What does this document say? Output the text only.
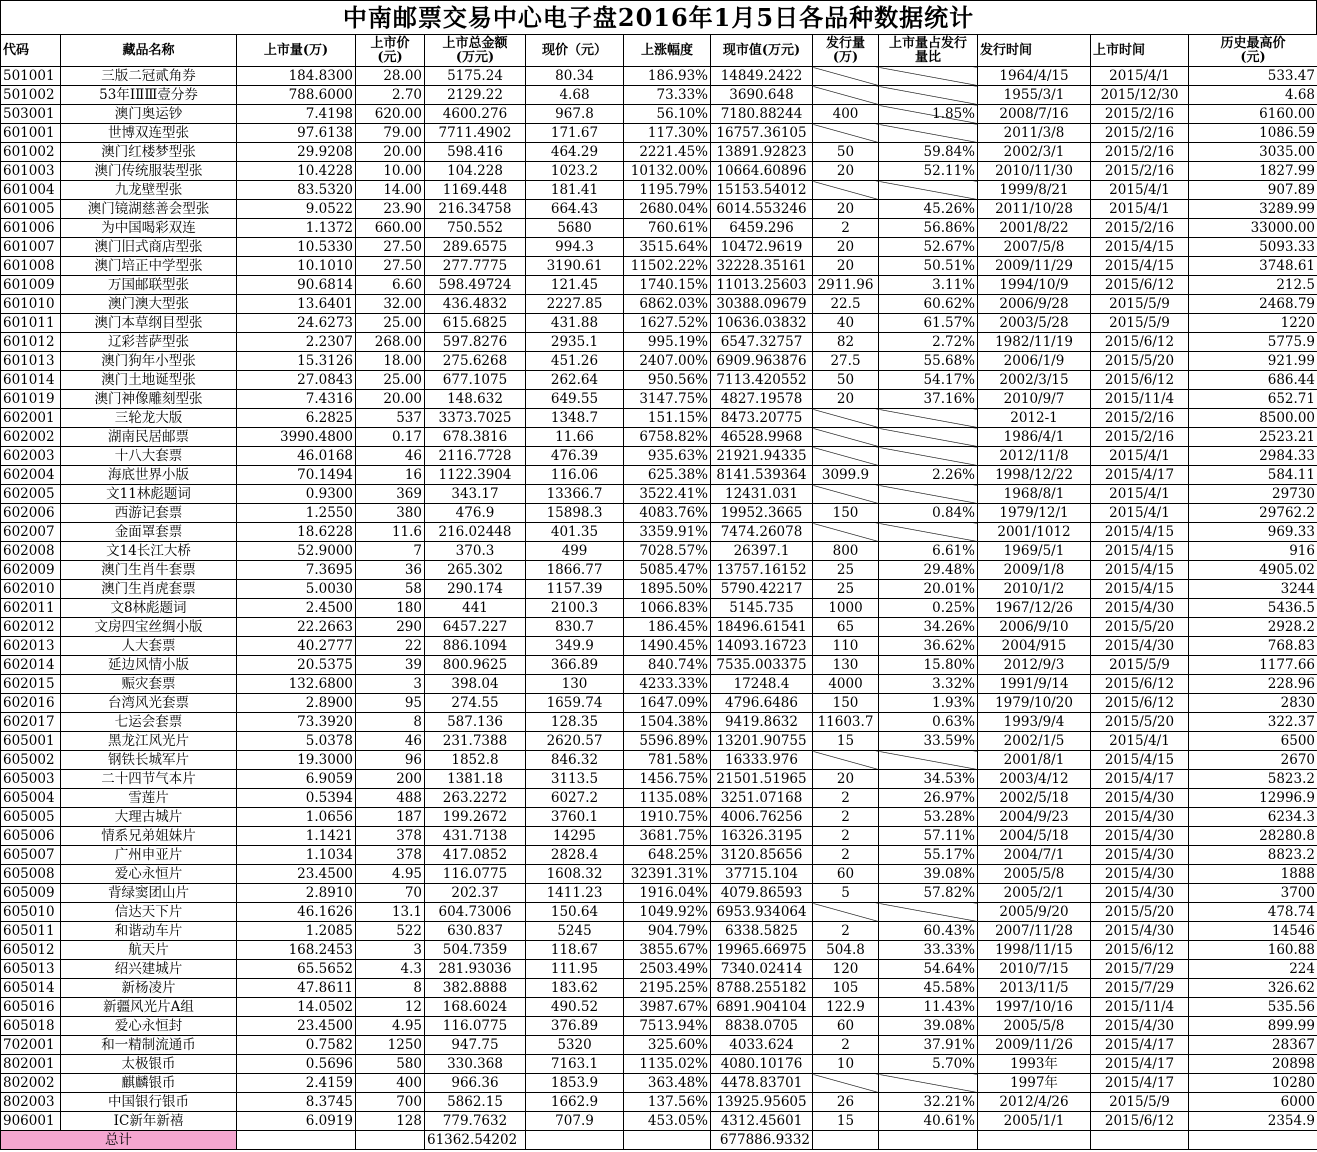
中南邮票交易中心电子盘2016年1月5日各品种数据统计
代码	藏品名称	上市量(万)	上市价
(元)	上市总金额
(万元)	现价（元）	上涨幅度	现市值(万元)	发行量
(万)	上市量占发行
量比	发行时间	上市时间	历史最高价
(元)
501001	三版二冠贰角券	184.8300	28.00	5175.24	80.34	186.93%	14849.2422			1964/4/15	2015/4/1	533.47
501002	53年ⅠⅡⅢ壹分券	788.6000	2.70	2129.22	4.68	73.33%	3690.648			1955/3/1	2015/12/30	4.68
503001	澳门奥运钞	7.4198	620.00	4600.276	967.8	56.10%	7180.88244	400	1.85%	2008/7/16	2015/2/16	6160.00
601001	世博双连型张	97.6138	79.00	7711.4902	171.67	117.30%	16757.36105			2011/3/8	2015/2/16	1086.59
601002	澳门红楼梦型张	29.9208	20.00	598.416	464.29	2221.45%	13891.92823	50	59.84%	2002/3/1	2015/2/16	3035.00
601003	澳门传统服装型张	10.4228	10.00	104.228	1023.2	10132.00%	10664.60896	20	52.11%	2010/11/30	2015/2/16	1827.99
601004	九龙壁型张	83.5320	14.00	1169.448	181.41	1195.79%	15153.54012			1999/8/21	2015/4/1	907.89
601005	澳门镜湖慈善会型张	9.0522	23.90	216.34758	664.43	2680.04%	6014.553246	20	45.26%	2011/10/28	2015/4/1	3289.99
601006	为中国喝彩双连	1.1372	660.00	750.552	5680	760.61%	6459.296	2	56.86%	2001/8/22	2015/2/16	33000.00
601007	澳门旧式商店型张	10.5330	27.50	289.6575	994.3	3515.64%	10472.9619	20	52.67%	2007/5/8	2015/4/15	5093.33
601008	澳门培正中学型张	10.1010	27.50	277.7775	3190.61	11502.22%	32228.35161	20	50.51%	2009/11/29	2015/4/15	3748.61
601009	万国邮联型张	90.6814	6.60	598.49724	121.45	1740.15%	11013.25603	2911.96	3.11%	1994/10/9	2015/6/12	212.5
601010	澳门澳大型张	13.6401	32.00	436.4832	2227.85	6862.03%	30388.09679	22.5	60.62%	2006/9/28	2015/5/9	2468.79
601011	澳门本草纲目型张	24.6273	25.00	615.6825	431.88	1627.52%	10636.03832	40	61.57%	2003/5/28	2015/5/9	1220
601012	辽彩菩萨型张	2.2307	268.00	597.8276	2935.1	995.19%	6547.32757	82	2.72%	1982/11/19	2015/6/12	5775.9
601013	澳门狗年小型张	15.3126	18.00	275.6268	451.26	2407.00%	6909.963876	27.5	55.68%	2006/1/9	2015/5/20	921.99
601014	澳门土地诞型张	27.0843	25.00	677.1075	262.64	950.56%	7113.420552	50	54.17%	2002/3/15	2015/6/12	686.44
601019	澳门神像雕刻型张	7.4316	20.00	148.632	649.55	3147.75%	4827.19578	20	37.16%	2010/9/7	2015/11/4	652.71
602001	三轮龙大版	6.2825	537	3373.7025	1348.7	151.15%	8473.20775			2012-1	2015/2/16	8500.00
602002	湖南民居邮票	3990.4800	0.17	678.3816	11.66	6758.82%	46528.9968			1986/4/1	2015/2/16	2523.21
602003	十八大套票	46.0168	46	2116.7728	476.39	935.63%	21921.94335			2012/11/8	2015/4/1	2984.33
602004	海底世界小版	70.1494	16	1122.3904	116.06	625.38%	8141.539364	3099.9	2.26%	1998/12/22	2015/4/17	584.11
602005	文11林彪题词	0.9300	369	343.17	13366.7	3522.41%	12431.031			1968/8/1	2015/4/1	29730
602006	西游记套票	1.2550	380	476.9	15898.3	4083.76%	19952.3665	150	0.84%	1979/12/1	2015/4/1	29762.2
602007	金面罩套票	18.6228	11.6	216.02448	401.35	3359.91%	7474.26078			2001/1012	2015/4/15	969.33
602008	文14长江大桥	52.9000	7	370.3	499	7028.57%	26397.1	800	6.61%	1969/5/1	2015/4/15	916
602009	澳门生肖牛套票	7.3695	36	265.302	1866.77	5085.47%	13757.16152	25	29.48%	2009/1/8	2015/4/15	4905.02
602010	澳门生肖虎套票	5.0030	58	290.174	1157.39	1895.50%	5790.42217	25	20.01%	2010/1/2	2015/4/15	3244
602011	文8林彪题词	2.4500	180	441	2100.3	1066.83%	5145.735	1000	0.25%	1967/12/26	2015/4/30	5436.5
602012	文房四宝丝绸小版	22.2663	290	6457.227	830.7	186.45%	18496.61541	65	34.26%	2006/9/10	2015/5/20	2928.2
602013	人大套票	40.2777	22	886.1094	349.9	1490.45%	14093.16723	110	36.62%	2004/915	2015/4/30	768.83
602014	延边风情小版	20.5375	39	800.9625	366.89	840.74%	7535.003375	130	15.80%	2012/9/3	2015/5/9	1177.66
602015	赈灾套票	132.6800	3	398.04	130	4233.33%	17248.4	4000	3.32%	1991/9/14	2015/6/12	228.96
602016	台湾风光套票	2.8900	95	274.55	1659.74	1647.09%	4796.6486	150	1.93%	1979/10/20	2015/6/12	2830
602017	七运会套票	73.3920	8	587.136	128.35	1504.38%	9419.8632	11603.7	0.63%	1993/9/4	2015/5/20	322.37
605001	黑龙江风光片	5.0378	46	231.7388	2620.57	5596.89%	13201.90755	15	33.59%	2002/1/5	2015/4/1	6500
605002	钢铁长城军片	19.3000	96	1852.8	846.32	781.58%	16333.976			2001/8/1	2015/4/15	2670
605003	二十四节气本片	6.9059	200	1381.18	3113.5	1456.75%	21501.51965	20	34.53%	2003/4/12	2015/4/17	5823.2
605004	雪莲片	0.5394	488	263.2272	6027.2	1135.08%	3251.07168	2	26.97%	2002/5/18	2015/4/30	12996.9
605005	大理古城片	1.0656	187	199.2672	3760.1	1910.75%	4006.76256	2	53.28%	2004/9/23	2015/4/30	6234.3
605006	情系兄弟姐妹片	1.1421	378	431.7138	14295	3681.75%	16326.3195	2	57.11%	2004/5/18	2015/4/30	28280.8
605007	广州申亚片	1.1034	378	417.0852	2828.4	648.25%	3120.85656	2	55.17%	2004/7/1	2015/4/30	8823.2
605008	爱心永恒片	23.4500	4.95	116.0775	1608.32	32391.31%	37715.104	60	39.08%	2005/5/8	2015/4/30	1888
605009	背绿窦团山片	2.8910	70	202.37	1411.23	1916.04%	4079.86593	5	57.82%	2005/2/1	2015/4/30	3700
605010	信达天下片	46.1626	13.1	604.73006	150.64	1049.92%	6953.934064			2005/9/20	2015/5/20	478.74
605011	和谐动车片	1.2085	522	630.837	5245	904.79%	6338.5825	2	60.43%	2007/11/28	2015/4/30	14546
605012	航天片	168.2453	3	504.7359	118.67	3855.67%	19965.66975	504.8	33.33%	1998/11/15	2015/6/12	160.88
605013	绍兴建城片	65.5652	4.3	281.93036	111.95	2503.49%	7340.02414	120	54.64%	2010/7/15	2015/7/29	224
605014	新杨凌片	47.8611	8	382.8888	183.62	2195.25%	8788.255182	105	45.58%	2013/11/5	2015/7/29	326.62
605016	新疆风光片A组	14.0502	12	168.6024	490.52	3987.67%	6891.904104	122.9	11.43%	1997/10/16	2015/11/4	535.56
605018	爱心永恒封	23.4500	4.95	116.0775	376.89	7513.94%	8838.0705	60	39.08%	2005/5/8	2015/4/30	899.99
702001	和一精制流通币	0.7582	1250	947.75	5320	325.60%	4033.624	2	37.91%	2009/11/26	2015/4/17	28367
802001	太极银币	0.5696	580	330.368	7163.1	1135.02%	4080.10176	10	5.70%	1993年	2015/4/17	20898
802002	麒麟银币	2.4159	400	966.36	1853.9	363.48%	4478.83701			1997年	2015/4/17	10280
802003	中国银行银币	8.3745	700	5862.15	1662.9	137.56%	13925.95605	26	32.21%	2012/4/26	2015/5/9	6000
906001	IC新年新禧	6.0919	128	779.7632	707.9	453.05%	4312.45601	15	40.61%	2005/1/1	2015/6/12	2354.9
总计				61362.54202			677886.9332					
